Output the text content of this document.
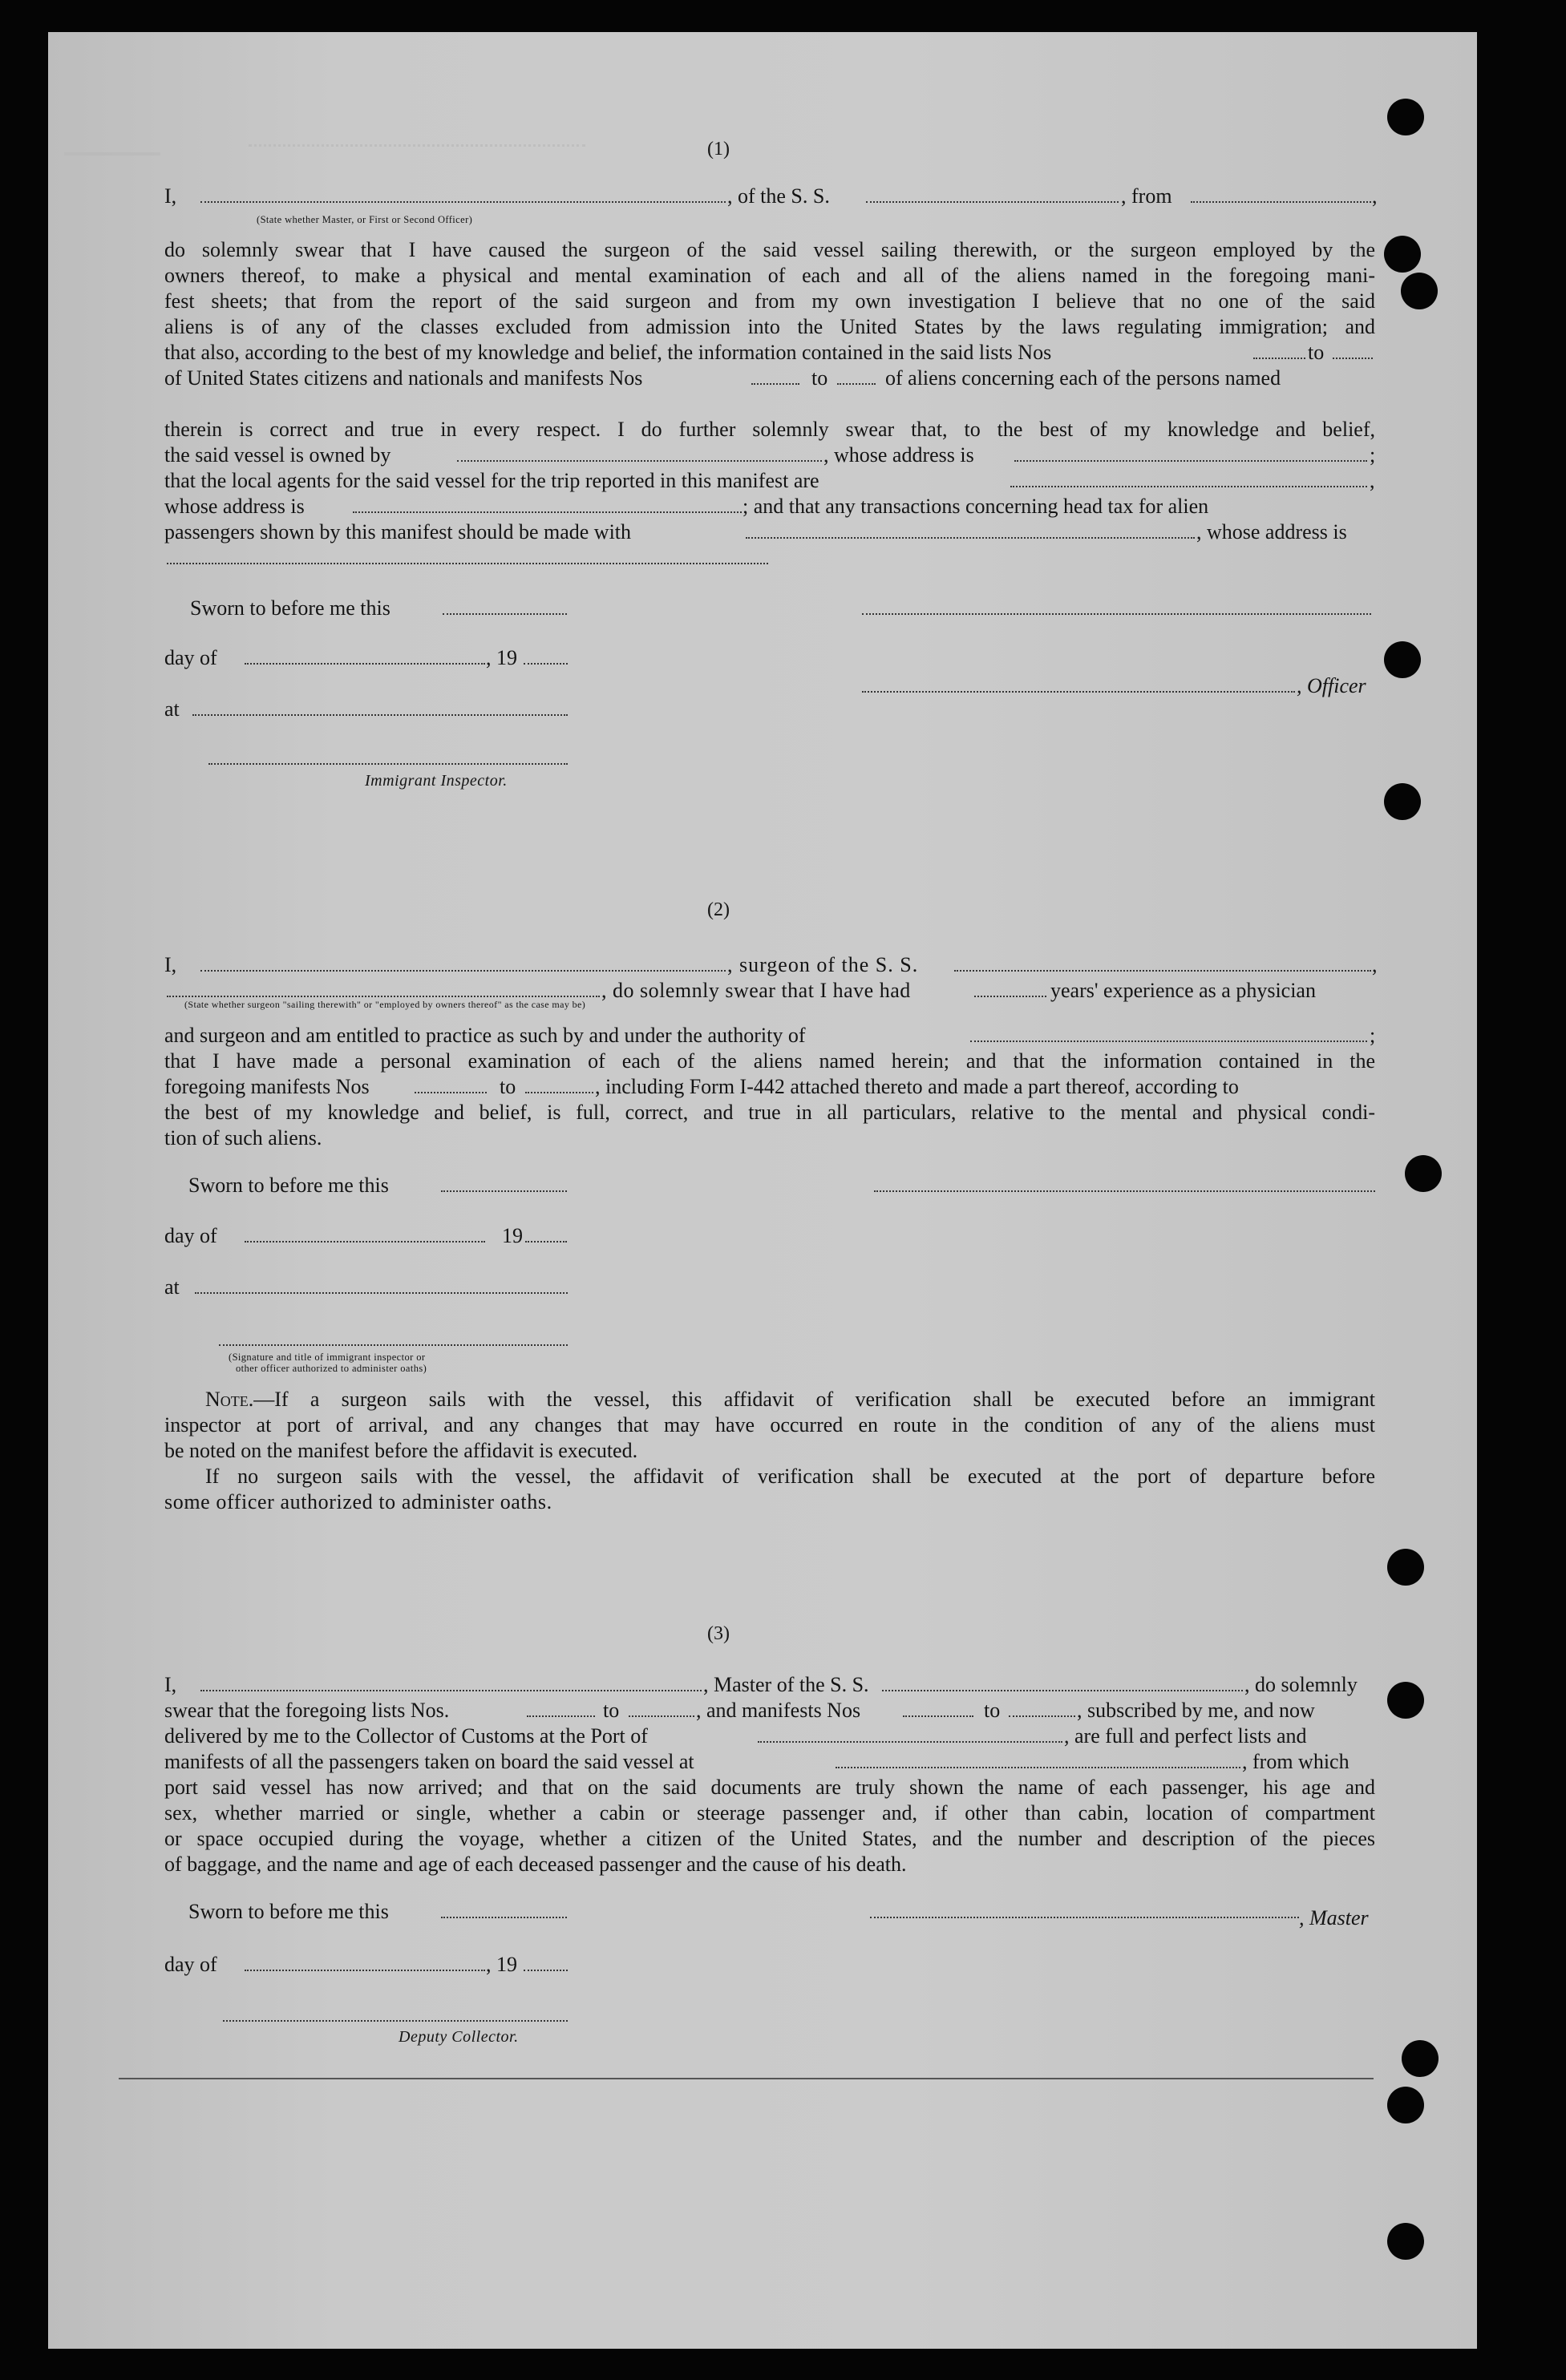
(1)
I,	, of the S. S.	, from	,
(State whether Master, or First or Second Officer)
do solemnly swear that I have caused the surgeon of the said vessel sailing therewith, or the surgeon employed by the
owners thereof, to make a physical and mental examination of each and all of the aliens named in the foregoing mani-
fest sheets; that from the report of the said surgeon and from my own investigation I believe that no one of the said
aliens is of any of the classes excluded from admission into the United States by the laws regulating immigration; and
that also, according to the best of my knowledge and belief, the information contained in the said lists Nos	to
of United States citizens and nationals and manifests Nos	to	of aliens concerning each of the persons named
therein is correct and true in every respect. I do further solemnly swear that, to the best of my knowledge and belief,
the said vessel is owned by	, whose address is	;
that the local agents for the said vessel for the trip reported in this manifest are	,
whose address is	; and that any transactions concerning head tax for alien
passengers shown by this manifest should be made with	, whose address is
Sworn to before me this
day of	, 19
, Officer
at
Immigrant Inspector.
(2)
I,	, surgeon of the S. S.	,
, do solemnly swear that I have had	years' experience as a physician
(State whether surgeon "sailing therewith" or "employed by owners thereof" as the case may be)
and surgeon and am entitled to practice as such by and under the authority of	;
that I have made a personal examination of each of the aliens named herein; and that the information contained in the
foregoing manifests Nos	to	, including Form I-442 attached thereto and made a part thereof, according to
the best of my knowledge and belief, is full, correct, and true in all particulars, relative to the mental and physical condi-
tion of such aliens.
Sworn to before me this
day of	19
at
(Signature and title of immigrant inspector or
other officer authorized to administer oaths)
Note.—If a surgeon sails with the vessel, this affidavit of verification shall be executed before an immigrant
inspector at port of arrival, and any changes that may have occurred en route in the condition of any of the aliens must
be noted on the manifest before the affidavit is executed.
If no surgeon sails with the vessel, the affidavit of verification shall be executed at the port of departure before
some officer authorized to administer oaths.
(3)
I,	, Master of the S. S.	, do solemnly
swear that the foregoing lists Nos.	to	, and manifests Nos	to	, subscribed by me, and now
delivered by me to the Collector of Customs at the Port of	, are full and perfect lists and
manifests of all the passengers taken on board the said vessel at	, from which
port said vessel has now arrived; and that on the said documents are truly shown the name of each passenger, his age and
sex, whether married or single, whether a cabin or steerage passenger and, if other than cabin, location of compartment
or space occupied during the voyage, whether a citizen of the United States, and the number and description of the pieces
of baggage, and the name and age of each deceased passenger and the cause of his death.
Sworn to before me this	, Master
day of	, 19
Deputy Collector.
